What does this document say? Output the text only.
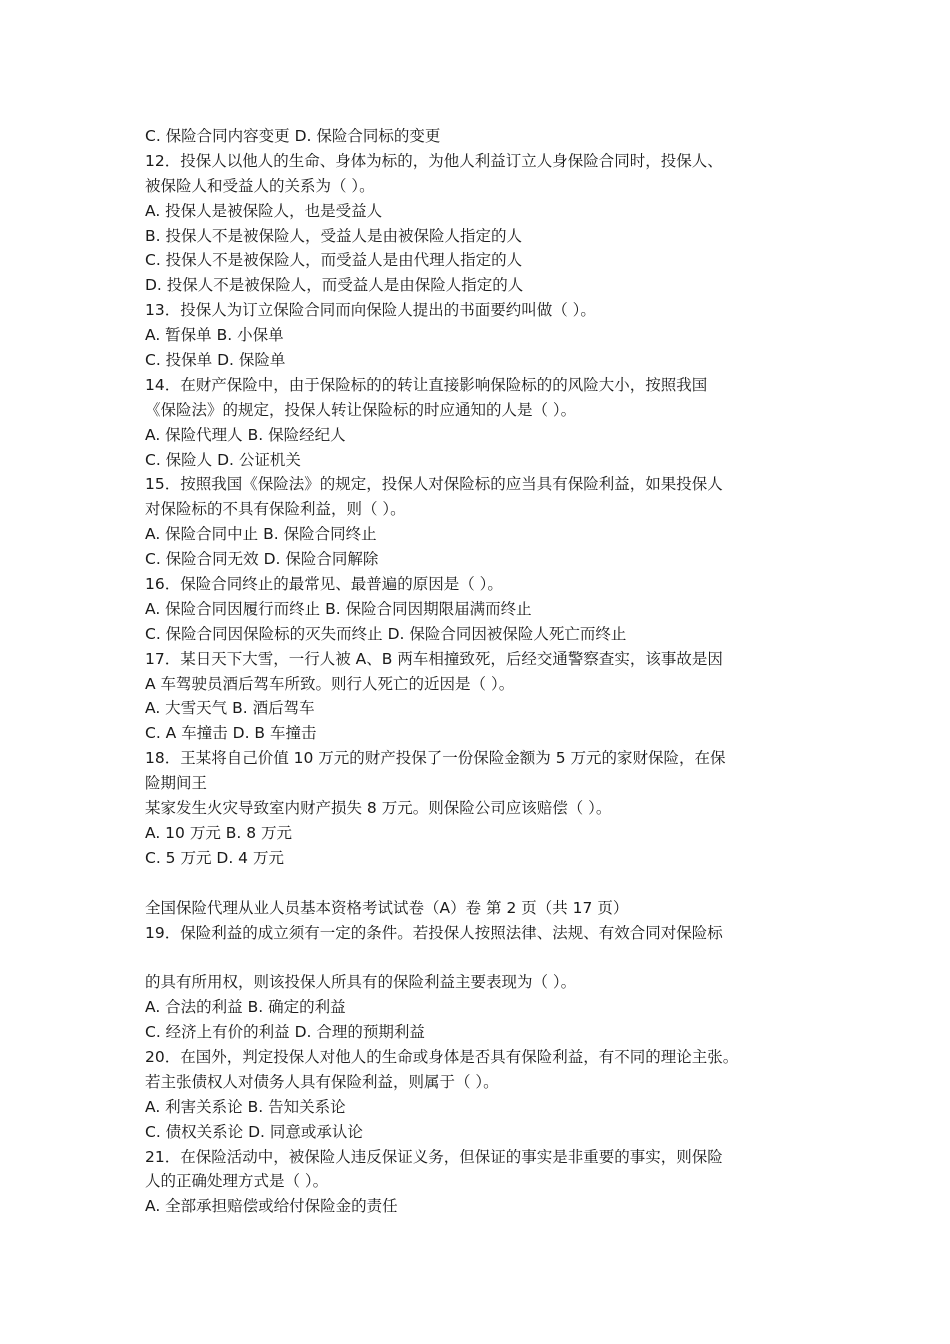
C. 保险合同内容变更 D. 保险合同标的变更
12．投保人以他人的生命、身体为标的，为他人利益订立人身保险合同时，投保人、
被保险人和受益人的关系为（ ）。
A. 投保人是被保险人，也是受益人
B. 投保人不是被保险人，受益人是由被保险人指定的人
C. 投保人不是被保险人，而受益人是由代理人指定的人
D. 投保人不是被保险人，而受益人是由保险人指定的人
13．投保人为订立保险合同而向保险人提出的书面要约叫做（ ）。
A. 暂保单 B. 小保单
C. 投保单 D. 保险单
14．在财产保险中，由于保险标的的转让直接影响保险标的的风险大小，按照我国
《保险法》的规定，投保人转让保险标的时应通知的人是（ ）。
A. 保险代理人 B. 保险经纪人
C. 保险人 D. 公证机关
15．按照我国《保险法》的规定，投保人对保险标的应当具有保险利益，如果投保人
对保险标的不具有保险利益，则（ ）。
A. 保险合同中止 B. 保险合同终止
C. 保险合同无效 D. 保险合同解除
16．保险合同终止的最常见、最普遍的原因是（ ）。
A. 保险合同因履行而终止 B. 保险合同因期限届满而终止
C. 保险合同因保险标的灭失而终止 D. 保险合同因被保险人死亡而终止
17．某日天下大雪，一行人被 A、B 两车相撞致死，后经交通警察查实，该事故是因
A 车驾驶员酒后驾车所致。则行人死亡的近因是（ ）。
A. 大雪天气 B. 酒后驾车
C. A 车撞击 D. B 车撞击
18．王某将自己价值 10 万元的财产投保了一份保险金额为 5 万元的家财保险，在保
险期间王
某家发生火灾导致室内财产损失 8 万元。则保险公司应该赔偿（ ）。
A. 10 万元 B. 8 万元
C. 5 万元 D. 4 万元
全国保险代理从业人员基本资格考试试卷（A）卷 第 2 页（共 17 页）
19．保险利益的成立须有一定的条件。若投保人按照法律、法规、有效合同对保险标
的具有所用权，则该投保人所具有的保险利益主要表现为（ ）。
A. 合法的利益 B. 确定的利益
C. 经济上有价的利益 D. 合理的预期利益
20．在国外，判定投保人对他人的生命或身体是否具有保险利益，有不同的理论主张。
若主张债权人对债务人具有保险利益，则属于（ ）。
A. 利害关系论 B. 告知关系论
C. 债权关系论 D. 同意或承认论
21．在保险活动中，被保险人违反保证义务，但保证的事实是非重要的事实，则保险
人的正确处理方式是（ ）。
A. 全部承担赔偿或给付保险金的责任
